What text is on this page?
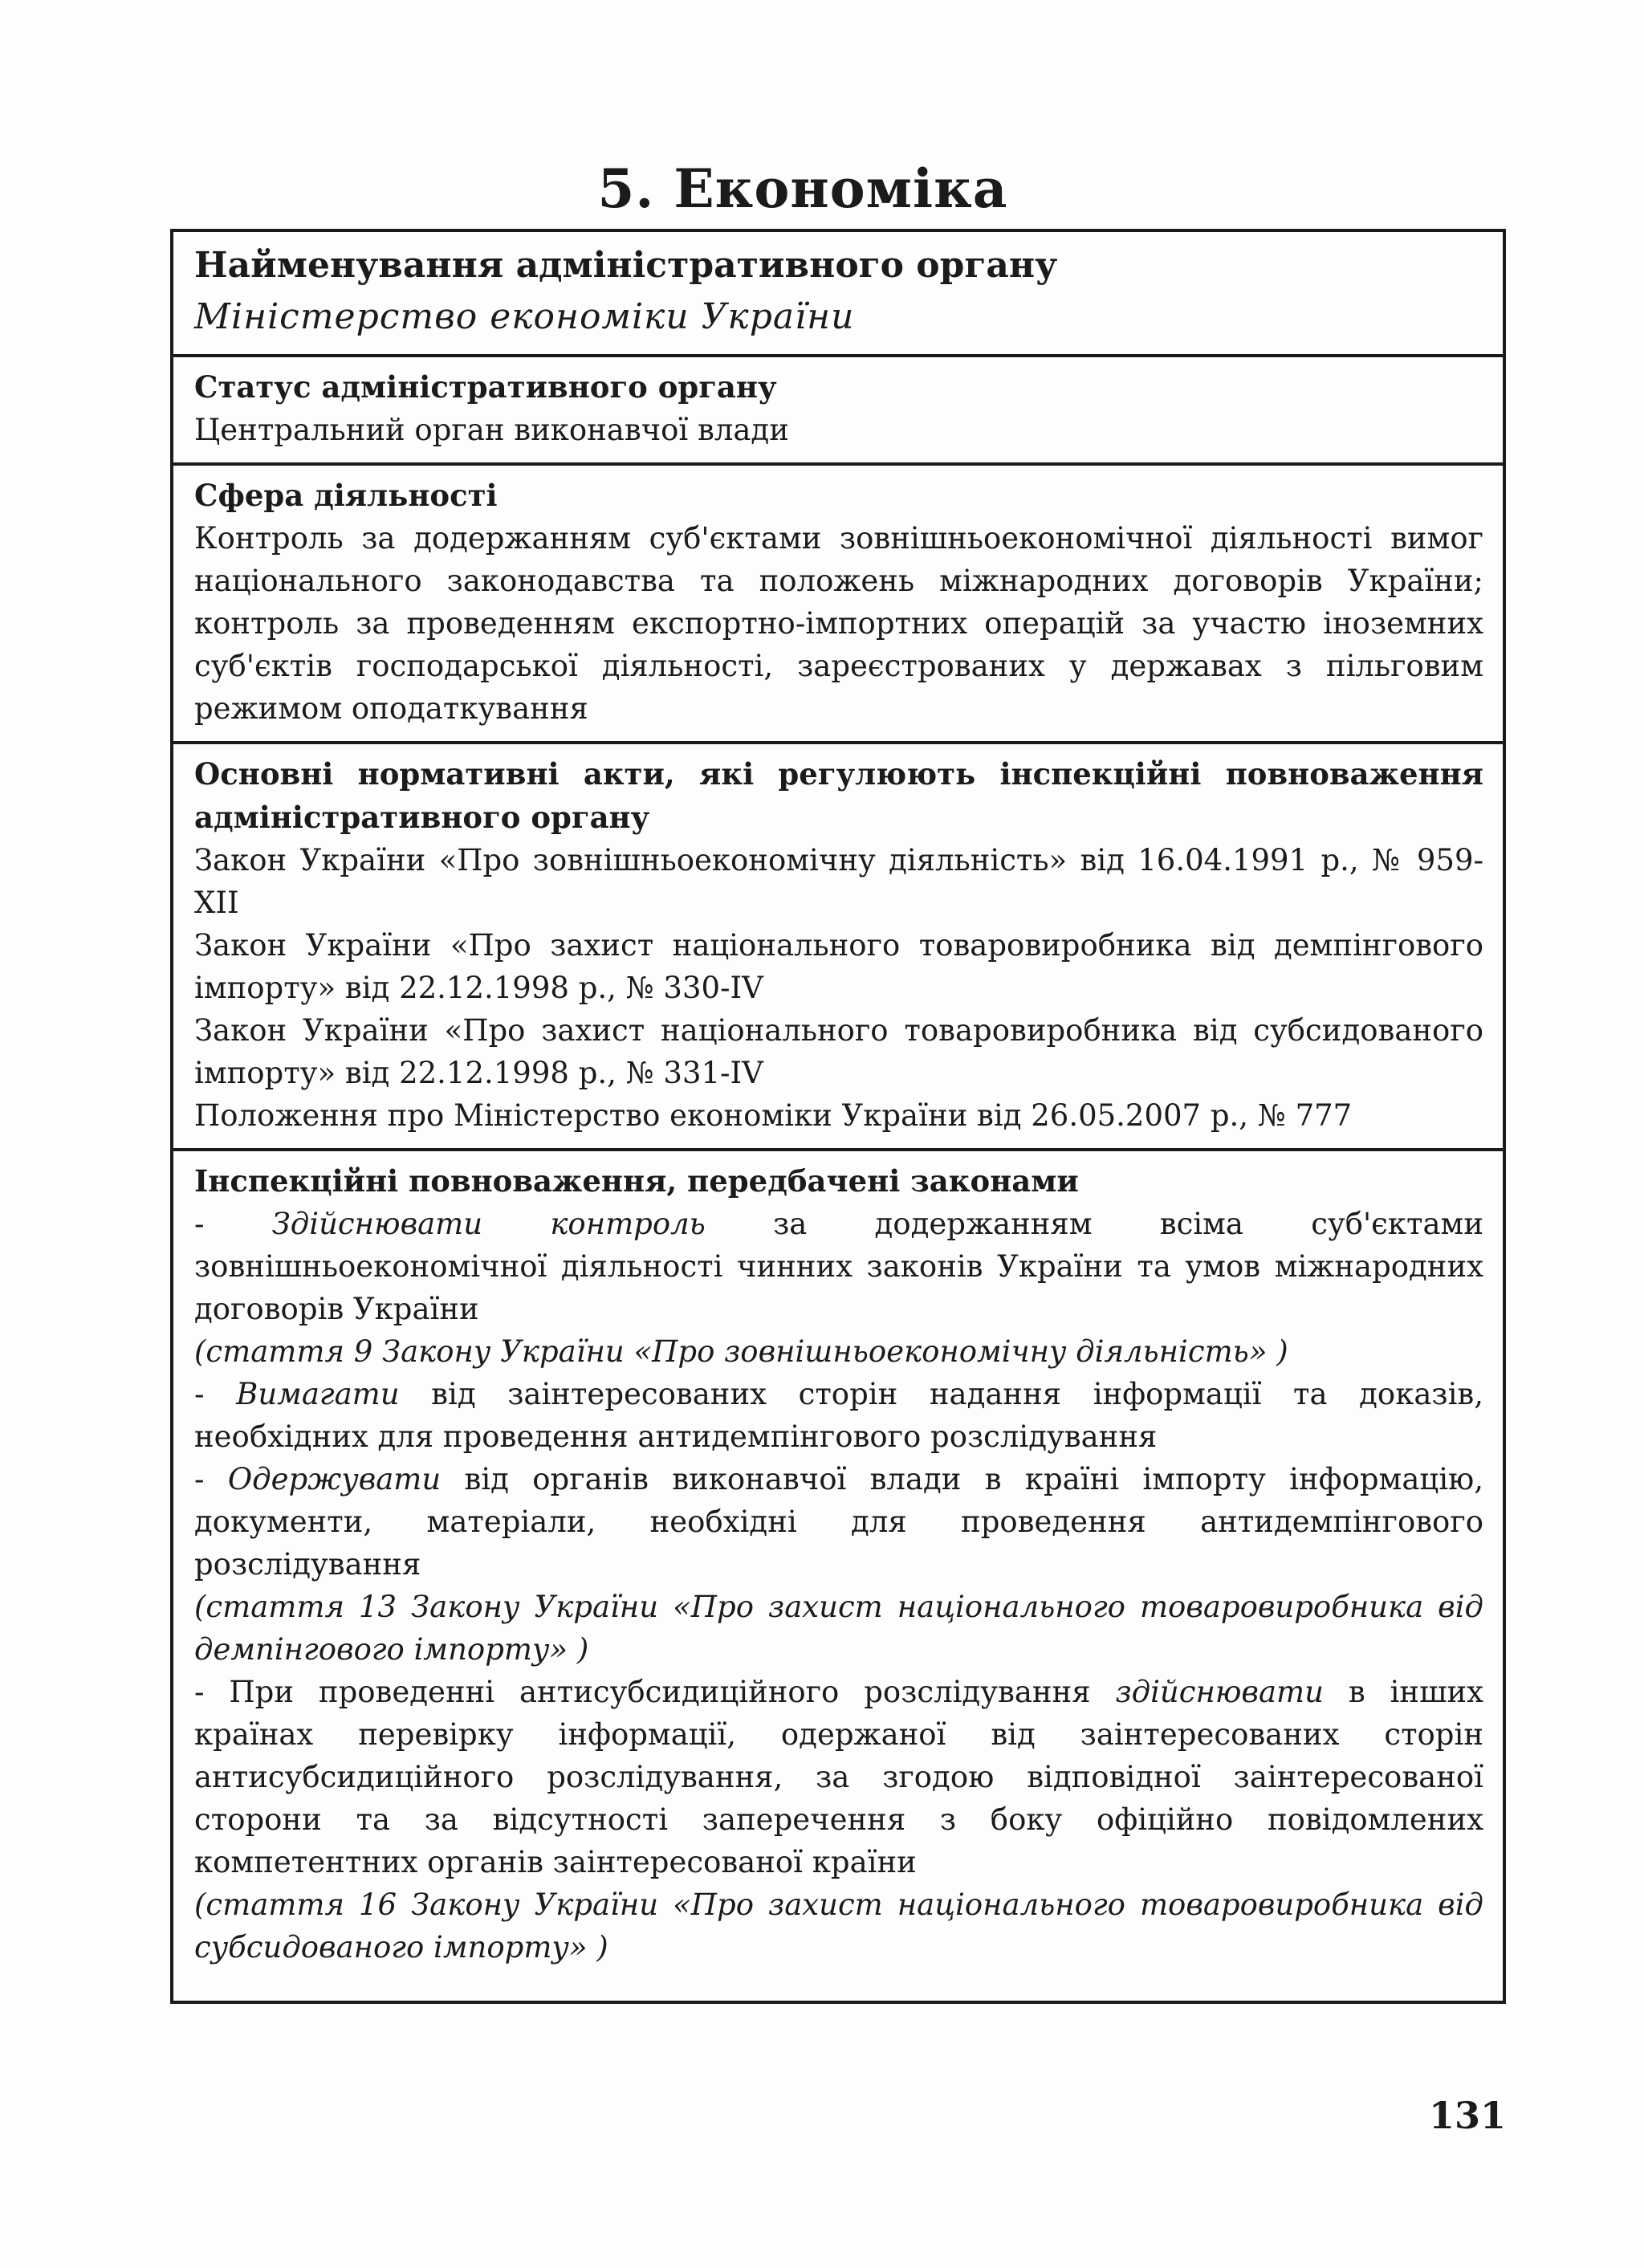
5. Економіка
Найменування адміністративного органу
Міністерство економіки України
Статус адміністративного органу
Центральний орган виконавчої влади
Сфера діяльності
Контроль за додержанням суб'єктами зовнішньоекономічної діяльності вимог національного законодавства та положень міжнародних договорів України; контроль за проведенням експортно-імпортних операцій за участю іноземних суб'єктів господарської діяльності, зареєстрованих у державах з пільговим режимом оподаткування
Основні нормативні акти, які регулюють інспекційні повноваження адміністративного органу
Закон України «Про зовнішньоекономічну діяльність» від 16.04.1991 р., № 959-XII
Закон України «Про захист національного товаровиробника від демпінгового імпорту» від 22.12.1998 р., № 330-IV
Закон України «Про захист національного товаровиробника від субсидованого імпорту» від 22.12.1998 р., № 331-IV
Положення про Міністерство економіки України від 26.05.2007 р., № 777
Інспекційні повноваження, передбачені законами
- Здійснювати контроль за додержанням всіма суб'єктами зовнішньоекономічної діяльності чинних законів України та умов міжнародних договорів України
(стаття 9 Закону України «Про зовнішньоекономічну діяльність» )
- Вимагати від заінтересованих сторін надання інформації та доказів, необхідних для проведення антидемпінгового розслідування
- Одержувати від органів виконавчої влади в країні імпорту інформацію, документи, матеріали, необхідні для проведення антидемпінгового розслідування
(стаття 13 Закону України «Про захист національного товаровиробника від демпінгового імпорту» )
- При проведенні антисубсидиційного розслідування здійснювати в інших країнах перевірку інформації, одержаної від заінтересованих сторін антисубсидиційного розслідування, за згодою відповідної заінтересованої сторони та за відсутності заперечення з боку офіційно повідомлених компетентних органів заінтересованої країни
(стаття 16 Закону України «Про захист національного товаровиробника від субсидованого імпорту» )
131
